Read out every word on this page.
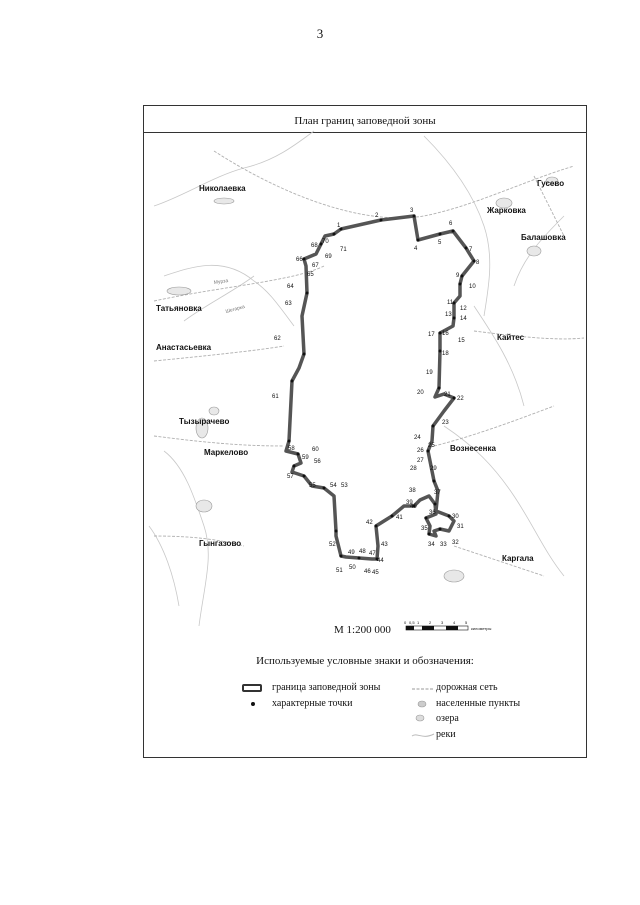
3
План границ заповедной зоны
1
2
3
4
5
6
7
8
9
10
11
12
13
14
15
16
17
18
19
20	21
22
23
24
25
26
27
28 29
30
31
32
33
34
35
36
37
38
39
40
41
42
43
44
45
46
47
48
49
50
51
52
53
54
55
56
57
58
59
60
61
62
63
64
65
66
67
68
69
70
71
Николаевка
Гусево
Жарковка
Балашовка
Татьяновка
Кайтес
Анастасьевка
Тызырачево
Маркелово	Вознесенка
Гынгазово
Каргала
Мурза
Шегарка
0 0,5 1 2 3 4 5
километры
М 1:200 000
Используемые условные знаки и обозначения:
граница заповедной зоны
характерные точки
дорожная сеть
населенные пункты
озера
реки
